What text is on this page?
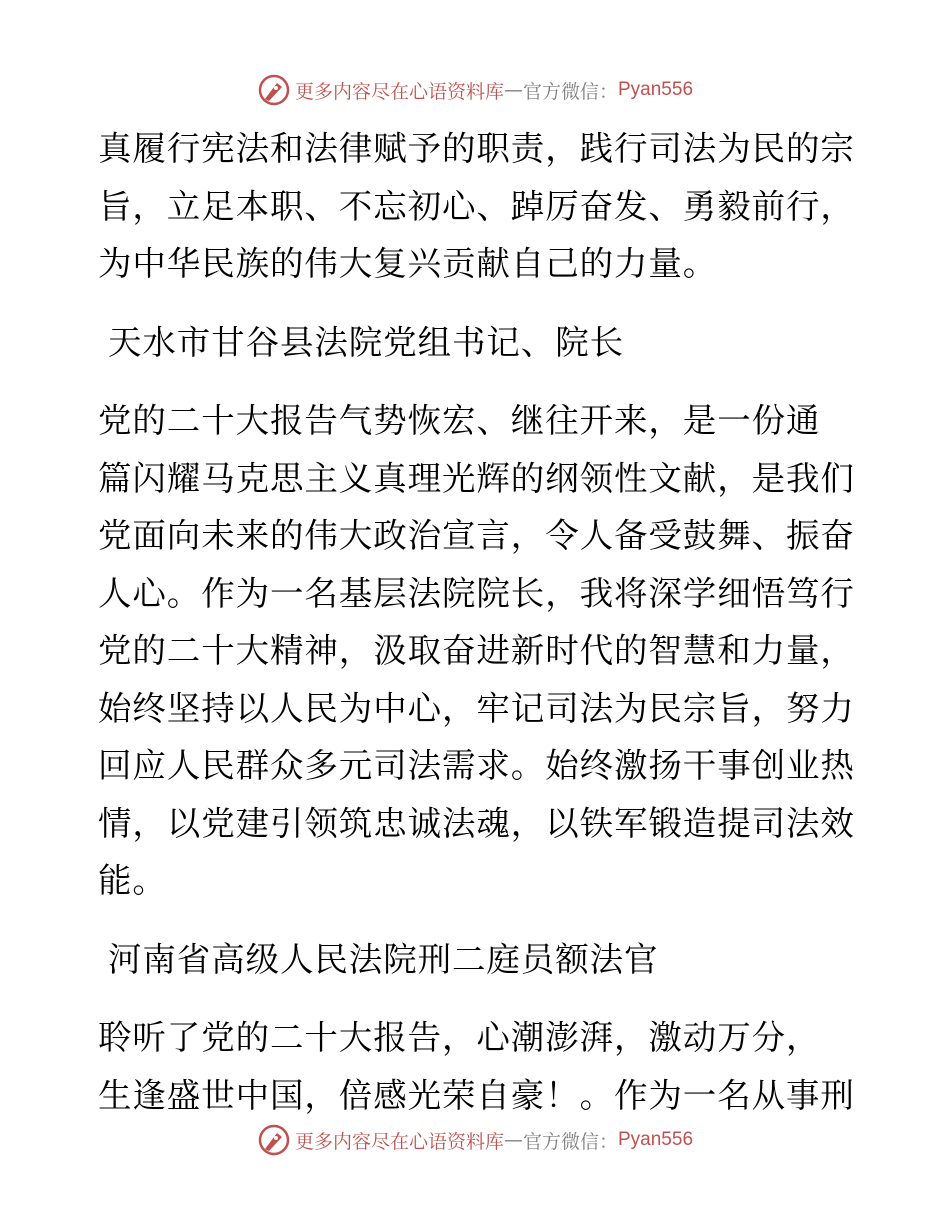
更多内容尽在心语资料库 — 官方微信： Pyan556

真履行宪法和法律赋予的职责，践行司法为民的宗
旨，立足本职、不忘初心、踔厉奋发、勇毅前行，
为中华民族的伟大复兴贡献自己的力量。

天水市甘谷县法院党组书记、院长

党的二十大报告气势恢宏、继往开来，是一份通
篇闪耀马克思主义真理光辉的纲领性文献，是我们
党面向未来的伟大政治宣言，令人备受鼓舞、振奋
人心。作为一名基层法院院长，我将深学细悟笃行
党的二十大精神，汲取奋进新时代的智慧和力量，
始终坚持以人民为中心，牢记司法为民宗旨，努力
回应人民群众多元司法需求。始终激扬干事创业热
情，以党建引领筑忠诚法魂，以铁军锻造提司法效
能。

河南省高级人民法院刑二庭员额法官

聆听了党的二十大报告，心潮澎湃，激动万分，
生逢盛世中国，倍感光荣自豪！。作为一名从事刑

更多内容尽在心语资料库 — 官方微信： Pyan556
